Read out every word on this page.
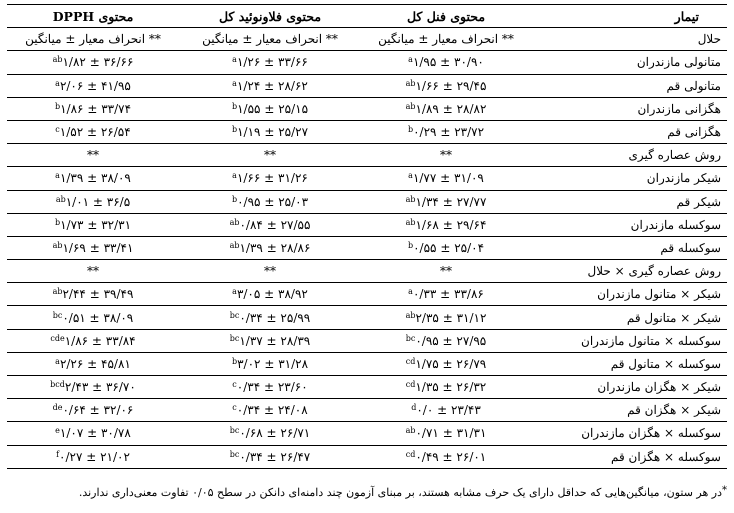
تیمار	محتوی فنل کل	محتوی فلاونوئید کل	محتوی DPPH
حلال	** انحراف معیار ± میانگین	** انحراف معیار ± میانگین	** انحراف معیار ± میانگین
متانولی مازندران	۳۰/۹۰ ± $۱/۹۵^a$	۳۳/۶۶ ± $۱/۲۶^a$	۳۶/۶۶ ± $۱/۸۲^{ab}$
متانولی قم	۲۹/۴۵ ± $۱/۶۶^{ab}$	۲۸/۶۲ ± $۱/۲۴^a$	۴۱/۹۵ ± $۲/۰۶^a$
هگزانی مازندران	۲۸/۸۲ ± $۱/۸۹^{ab}$	۲۵/۱۵ ± $۱/۵۵^b$	۳۳/۷۴ ± $۱/۸۶^b$
هگزانی قم	۲۳/۷۲ ± $۰/۲۹^b$	۲۵/۲۷ ± $۱/۱۹^b$	۲۶/۵۴ ± $۱/۵۲^c$
روش عصاره گیری	**	**	**
شیکر مازندران	۳۱/۰۹ ± $۱/۷۷^a$	۳۱/۲۶ ± $۱/۶۶^a$	۳۸/۰۹ ± $۱/۳۹^a$
شیکر قم	۲۷/۷۷ ± $۱/۳۴^{ab}$	۲۵/۰۳ ± $۰/۹۵^b$	۳۶/۵ ± $۱/۰۱^{ab}$
سوکسله مازندران	۲۹/۶۴ ± $۱/۶۸^{ab}$	۲۷/۵۵ ± $۰/۸۴^{ab}$	۳۲/۳۱ ± $۱/۷۳^b$
سوکسله قم	۲۵/۰۴ ± $۰/۵۵^b$	۲۸/۸۶ ± $۱/۳۹^{ab}$	۳۳/۴۱ ± $۱/۶۹^{ab}$
روش عصاره گیری × حلال	**	**	**
شیکر × متانول مازندران	۳۳/۸۶ ± $۰/۳۳^a$	۳۸/۹۲ ± $۳/۰۵^a$	۳۹/۴۹ ± $۲/۴۴^{ab}$
شیکر × متانول قم	۳۱/۱۲ ± $۲/۳۵^{ab}$	۲۵/۹۹ ± $۰/۳۴^{bc}$	۳۸/۰۹ ± $۰/۵۱^{bc}$
سوکسله × متانول مازندران	۲۷/۹۵ ± $۰/۹۵^{bc}$	۲۸/۳۹ ± $۱/۳۷^{bc}$	۳۳/۸۴ ± $۱/۸۶^{cde}$
سوکسله × متانول قم	۲۶/۷۹ ± $۱/۷۵^{cd}$	۳۱/۲۸ ± $۳/۰۲^b$	۴۵/۸۱ ± $۲/۲۶^a$
شیکر × هگزان مازندران	۲۶/۳۲ ± $۱/۳۵^{cd}$	۲۳/۶۰ ± $۰/۳۴^c$	۳۶/۷۰ ± $۲/۴۳^{bcd}$
شیکر × هگزان قم	۲۳/۴۳ ± $۰/۰^d$	۲۴/۰۸ ± $۰/۳۴^c$	۳۲/۰۶ ± ۰/۶۴de
سوکسله × هگزان مازندران	۳۱/۳۱ ± $۰/۷۱^{ab}$	۲۶/۷۱ ± $۰/۶۸^{bc}$	۳۰/۷۸ ± $۱/۰۷^e$
سوکسله × هگزان قم	۲۶/۰۱ ± $۰/۴۹^{cd}$	۲۶/۴۷ ± $۰/۳۴^{bc}$	۲۱/۰۲ ± $۰/۲۷^f$
*در هر ستون، میانگین‌هایی که حداقل دارای یک حرف مشابه هستند، بر مبنای آزمون چند دامنه‌ای دانکن در سطح ۰/۰۵ تفاوت معنی‌داری ندارند.
